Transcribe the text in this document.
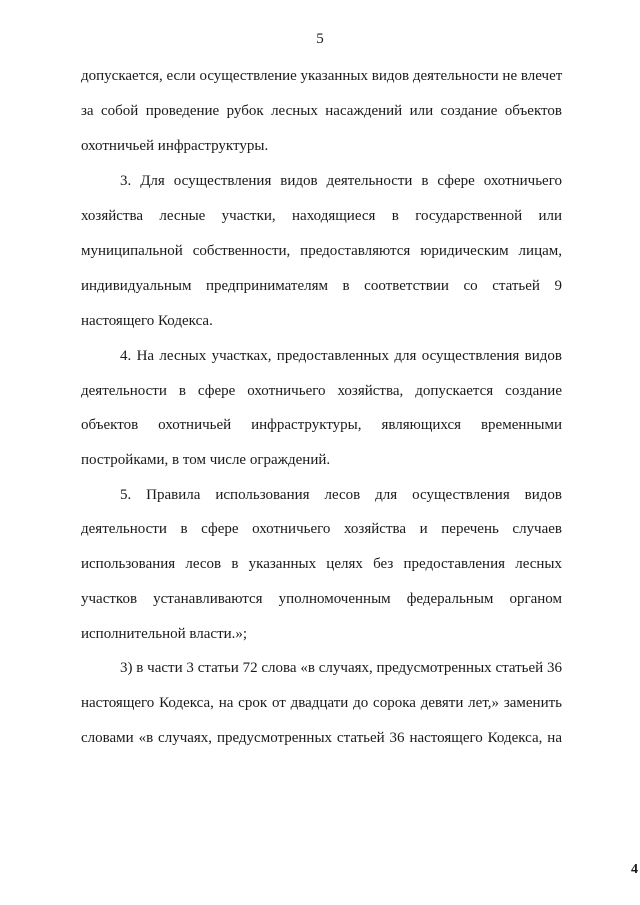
5
допускается, если осуществление указанных видов деятельности не влечет
за собой проведение рубок лесных насаждений или создание объектов
охотничьей инфраструктуры.
3. Для осуществления видов деятельности в сфере охотничьего
хозяйства лесные участки, находящиеся в государственной или
муниципальной собственности, предоставляются юридическим лицам,
индивидуальным предпринимателям в соответствии со статьей 9
настоящего Кодекса.
4. На лесных участках, предоставленных для осуществления видов
деятельности в сфере охотничьего хозяйства, допускается создание
объектов охотничьей инфраструктуры, являющихся временными
постройками, в том числе ограждений.
5. Правила использования лесов для осуществления видов
деятельности в сфере охотничьего хозяйства и перечень случаев
использования лесов в указанных целях без предоставления лесных
участков устанавливаются уполномоченным федеральным органом
исполнительной власти.»;
3) в части 3 статьи 72 слова «в случаях, предусмотренных статьей 36
настоящего Кодекса, на срок от двадцати до сорока девяти лет,» заменить
словами «в случаях, предусмотренных статьей 36 настоящего Кодекса, на
4
